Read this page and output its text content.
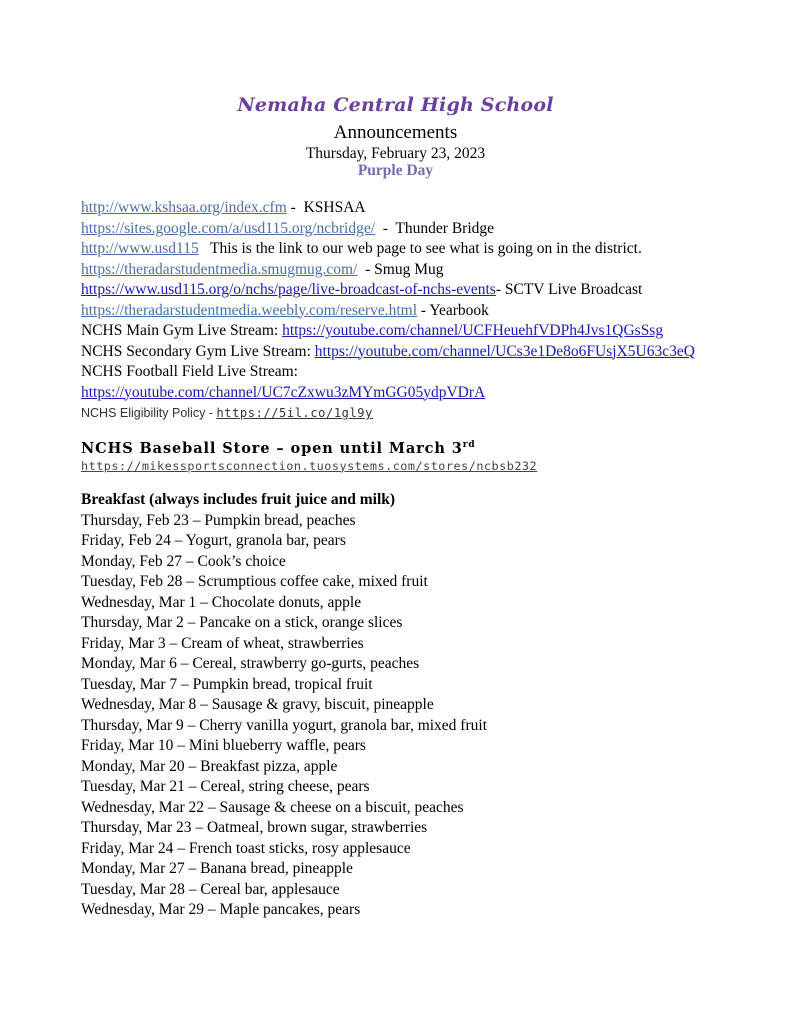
Nemaha Central High School
Announcements
Thursday, February 23, 2023
Purple Day
http://www.kshsaa.org/index.cfm -  KSHSAA
https://sites.google.com/a/usd115.org/ncbridge/  -  Thunder Bridge
http://www.usd115   This is the link to our web page to see what is going on in the district.
https://theradarstudentmedia.smugmug.com/  - Smug Mug
https://www.usd115.org/o/nchs/page/live-broadcast-of-nchs-events- SCTV Live Broadcast
https://theradarstudentmedia.weebly.com/reserve.html - Yearbook
NCHS Main Gym Live Stream: https://youtube.com/channel/UCFHeuehfVDPh4Jvs1QGsSsg
NCHS Secondary Gym Live Stream: https://youtube.com/channel/UCs3e1De8o6FUsjX5U63c3eQ
NCHS Football Field Live Stream:
https://youtube.com/channel/UC7cZxwu3zMYmGG05ydpVDrA
NCHS Eligibility Policy - https://5il.co/1gl9y
NCHS Baseball Store – open until March 3rd
https://mikessportsconnection.tuosystems.com/stores/ncbsb232
Breakfast (always includes fruit juice and milk)
Thursday, Feb 23 – Pumpkin bread, peaches
Friday, Feb 24 – Yogurt, granola bar, pears
Monday, Feb 27 – Cook’s choice
Tuesday, Feb 28 – Scrumptious coffee cake, mixed fruit
Wednesday, Mar 1 – Chocolate donuts, apple
Thursday, Mar 2 – Pancake on a stick, orange slices
Friday, Mar 3 – Cream of wheat, strawberries
Monday, Mar 6 – Cereal, strawberry go-gurts, peaches
Tuesday, Mar 7 – Pumpkin bread, tropical fruit
Wednesday, Mar 8 – Sausage & gravy, biscuit, pineapple
Thursday, Mar 9 – Cherry vanilla yogurt, granola bar, mixed fruit
Friday, Mar 10 – Mini blueberry waffle, pears
Monday, Mar 20 – Breakfast pizza, apple
Tuesday, Mar 21 – Cereal, string cheese, pears
Wednesday, Mar 22 – Sausage & cheese on a biscuit, peaches
Thursday, Mar 23 – Oatmeal, brown sugar, strawberries
Friday, Mar 24 – French toast sticks, rosy applesauce
Monday, Mar 27 – Banana bread, pineapple
Tuesday, Mar 28 – Cereal bar, applesauce
Wednesday, Mar 29 – Maple pancakes, pears
